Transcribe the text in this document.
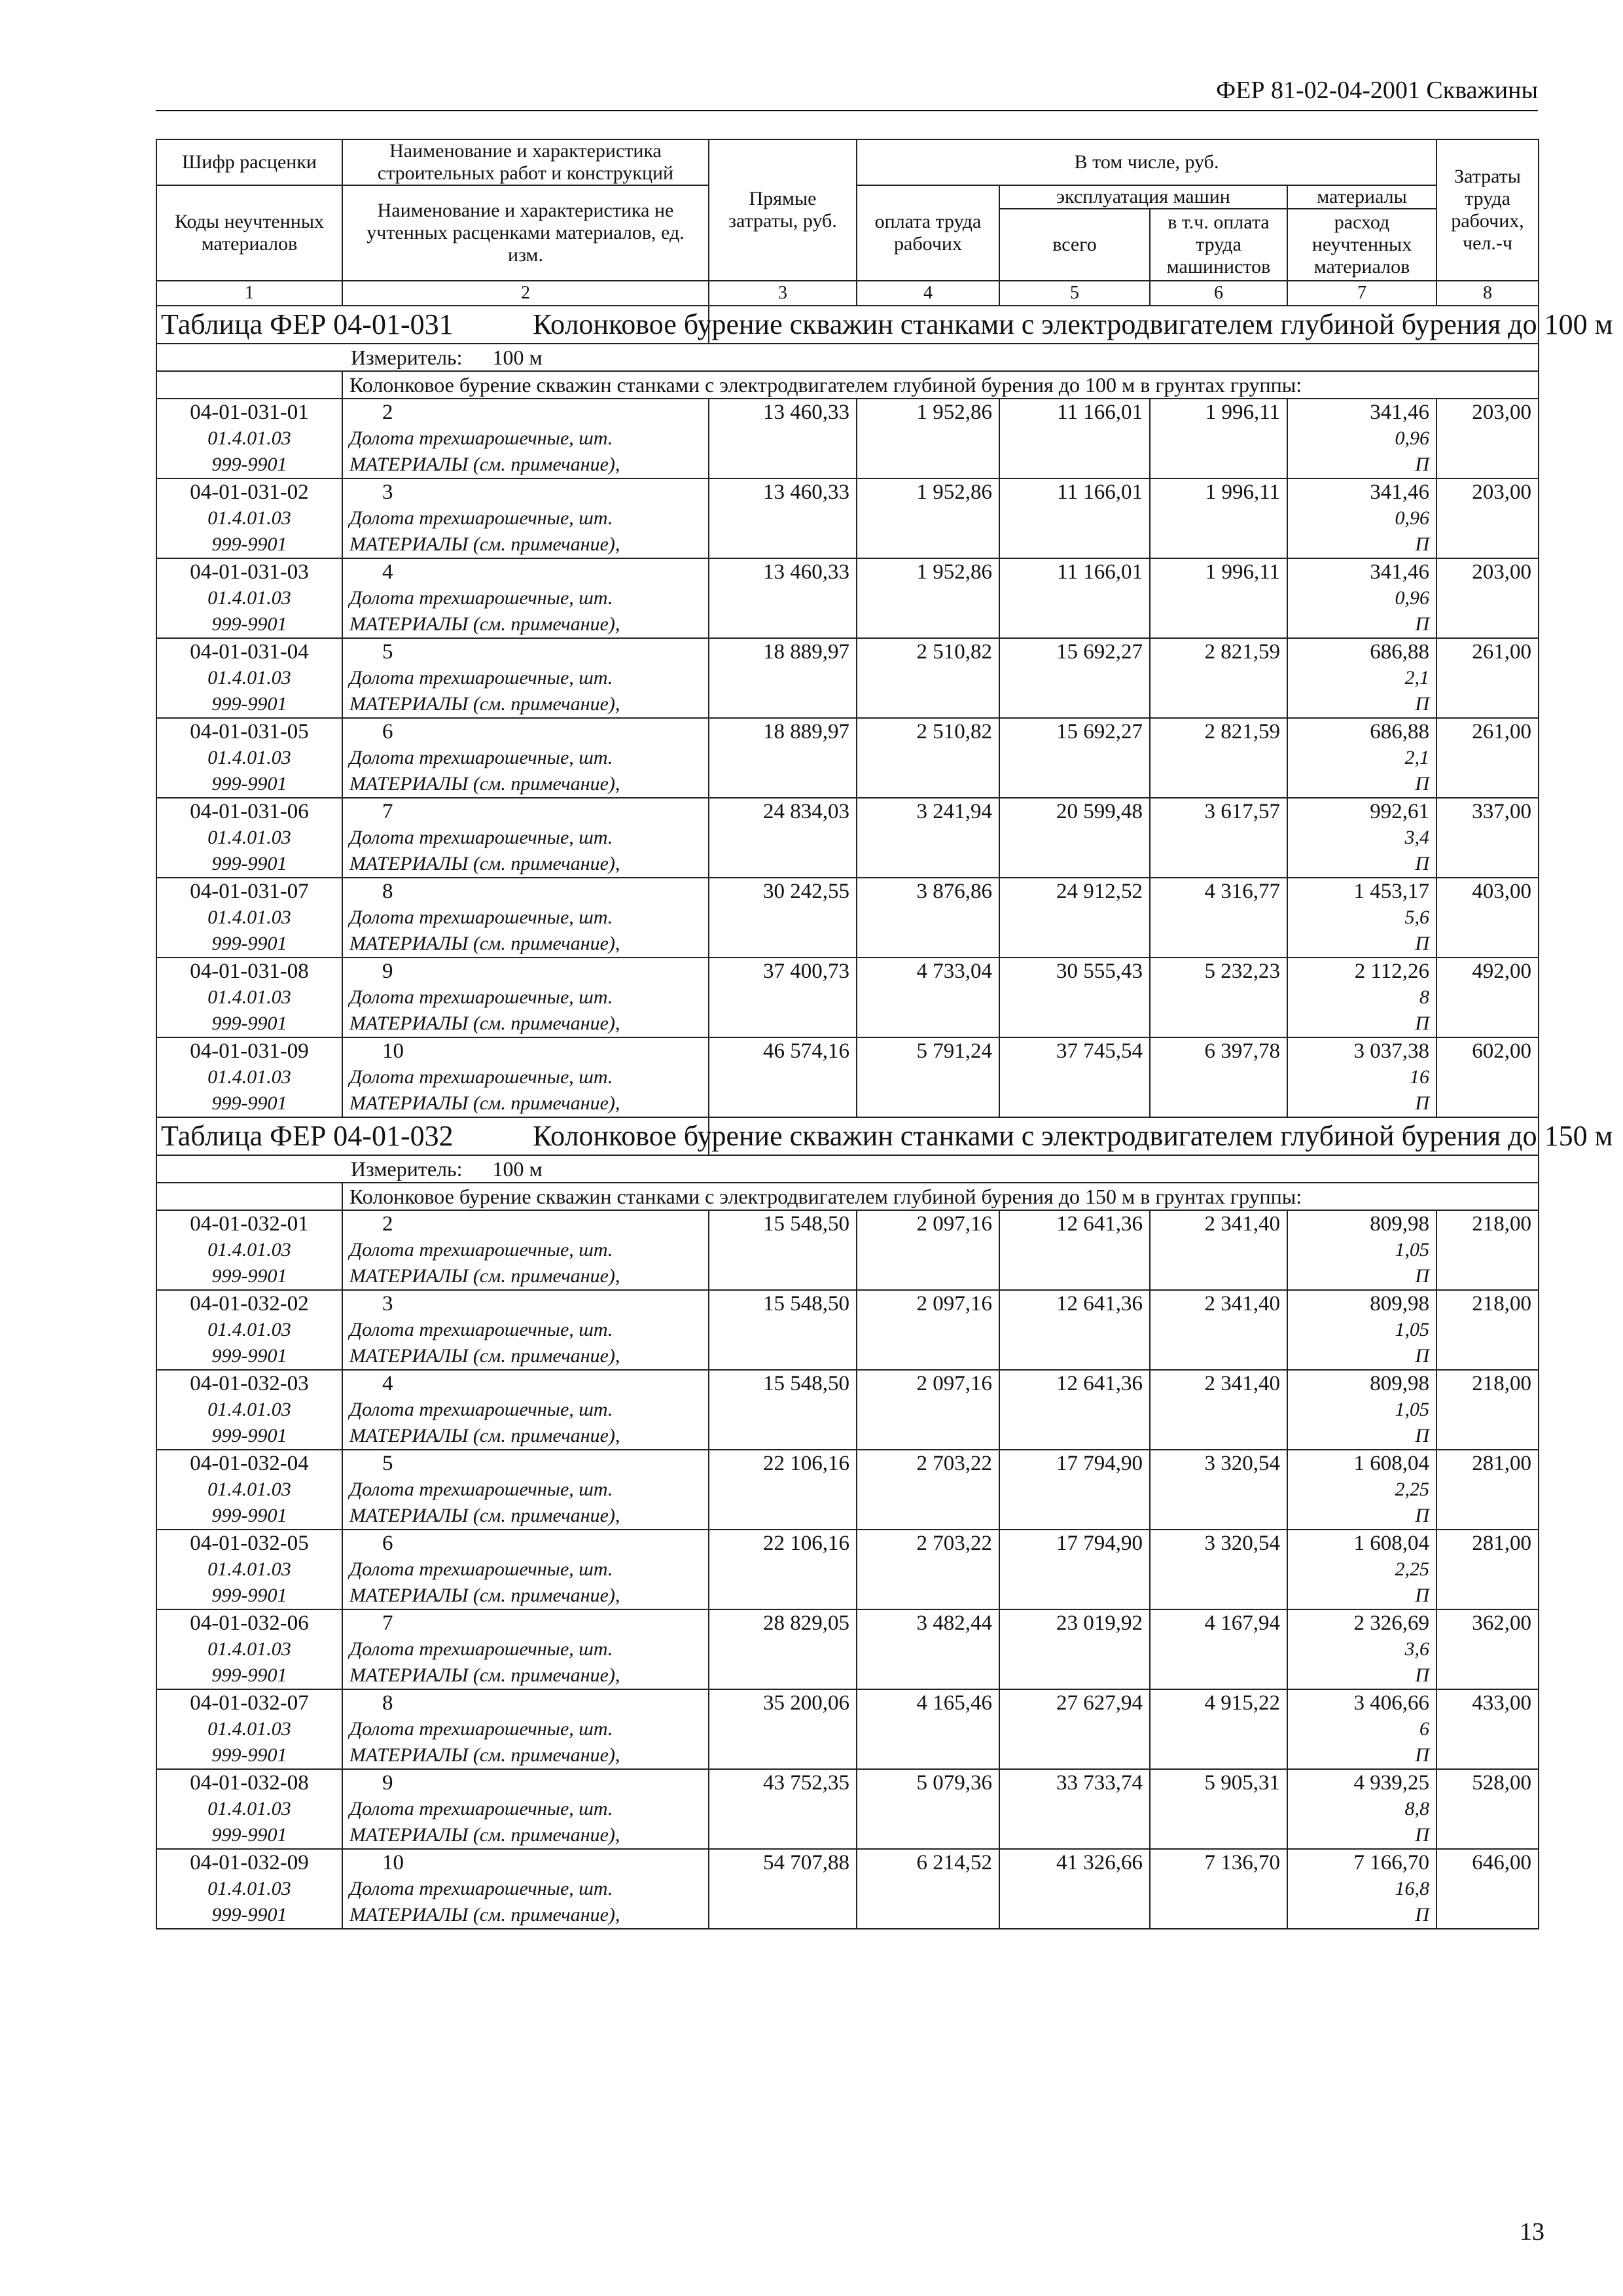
ФЕР 81-02-04-2001 Скважины
Шифр расценки	Наименование и характеристика строительных работ и конструкций	Прямые затраты, руб.	В том числе, руб.	Затраты труда рабочих, чел.-ч
Коды неучтенных материалов	Наименование и характеристика не учтенных расценками материалов, ед. изм.	оплата труда рабочих	эксплуатация машин	материалы
всего	в т.ч. оплата труда машинистов	расход неучтенных материалов
1	2	3	4	5	6	7	8
Таблица ФЕР 04-01-031	Колонковое бурение скважин станками с электродвигателем глубиной бурения до 100 м
Измеритель: 100 м
	Колонковое бурение скважин станками с электродвигателем глубиной бурения до 100 м в грунтах группы:
04-01-031-01	2	13 460,33	1 952,86	11 166,01	1 996,11	341,46	203,00
01.4.01.03	Долота трехшарошечные, шт.					0,96	
999-9901	МАТЕРИАЛЫ (см. примечание),					П	
04-01-031-02	3	13 460,33	1 952,86	11 166,01	1 996,11	341,46	203,00
01.4.01.03	Долота трехшарошечные, шт.					0,96	
999-9901	МАТЕРИАЛЫ (см. примечание),					П	
04-01-031-03	4	13 460,33	1 952,86	11 166,01	1 996,11	341,46	203,00
01.4.01.03	Долота трехшарошечные, шт.					0,96	
999-9901	МАТЕРИАЛЫ (см. примечание),					П	
04-01-031-04	5	18 889,97	2 510,82	15 692,27	2 821,59	686,88	261,00
01.4.01.03	Долота трехшарошечные, шт.					2,1	
999-9901	МАТЕРИАЛЫ (см. примечание),					П	
04-01-031-05	6	18 889,97	2 510,82	15 692,27	2 821,59	686,88	261,00
01.4.01.03	Долота трехшарошечные, шт.					2,1	
999-9901	МАТЕРИАЛЫ (см. примечание),					П	
04-01-031-06	7	24 834,03	3 241,94	20 599,48	3 617,57	992,61	337,00
01.4.01.03	Долота трехшарошечные, шт.					3,4	
999-9901	МАТЕРИАЛЫ (см. примечание),					П	
04-01-031-07	8	30 242,55	3 876,86	24 912,52	4 316,77	1 453,17	403,00
01.4.01.03	Долота трехшарошечные, шт.					5,6	
999-9901	МАТЕРИАЛЫ (см. примечание),					П	
04-01-031-08	9	37 400,73	4 733,04	30 555,43	5 232,23	2 112,26	492,00
01.4.01.03	Долота трехшарошечные, шт.					8	
999-9901	МАТЕРИАЛЫ (см. примечание),					П	
04-01-031-09	10	46 574,16	5 791,24	37 745,54	6 397,78	3 037,38	602,00
01.4.01.03	Долота трехшарошечные, шт.					16	
999-9901	МАТЕРИАЛЫ (см. примечание),					П	
Таблица ФЕР 04-01-032	Колонковое бурение скважин станками с электродвигателем глубиной бурения до 150 м
Измеритель: 100 м
	Колонковое бурение скважин станками с электродвигателем глубиной бурения до 150 м в грунтах группы:
04-01-032-01	2	15 548,50	2 097,16	12 641,36	2 341,40	809,98	218,00
01.4.01.03	Долота трехшарошечные, шт.					1,05	
999-9901	МАТЕРИАЛЫ (см. примечание),					П	
04-01-032-02	3	15 548,50	2 097,16	12 641,36	2 341,40	809,98	218,00
01.4.01.03	Долота трехшарошечные, шт.					1,05	
999-9901	МАТЕРИАЛЫ (см. примечание),					П	
04-01-032-03	4	15 548,50	2 097,16	12 641,36	2 341,40	809,98	218,00
01.4.01.03	Долота трехшарошечные, шт.					1,05	
999-9901	МАТЕРИАЛЫ (см. примечание),					П	
04-01-032-04	5	22 106,16	2 703,22	17 794,90	3 320,54	1 608,04	281,00
01.4.01.03	Долота трехшарошечные, шт.					2,25	
999-9901	МАТЕРИАЛЫ (см. примечание),					П	
04-01-032-05	6	22 106,16	2 703,22	17 794,90	3 320,54	1 608,04	281,00
01.4.01.03	Долота трехшарошечные, шт.					2,25	
999-9901	МАТЕРИАЛЫ (см. примечание),					П	
04-01-032-06	7	28 829,05	3 482,44	23 019,92	4 167,94	2 326,69	362,00
01.4.01.03	Долота трехшарошечные, шт.					3,6	
999-9901	МАТЕРИАЛЫ (см. примечание),					П	
04-01-032-07	8	35 200,06	4 165,46	27 627,94	4 915,22	3 406,66	433,00
01.4.01.03	Долота трехшарошечные, шт.					6	
999-9901	МАТЕРИАЛЫ (см. примечание),					П	
04-01-032-08	9	43 752,35	5 079,36	33 733,74	5 905,31	4 939,25	528,00
01.4.01.03	Долота трехшарошечные, шт.					8,8	
999-9901	МАТЕРИАЛЫ (см. примечание),					П	
04-01-032-09	10	54 707,88	6 214,52	41 326,66	7 136,70	7 166,70	646,00
01.4.01.03	Долота трехшарошечные, шт.					16,8	
999-9901	МАТЕРИАЛЫ (см. примечание),					П	
13
